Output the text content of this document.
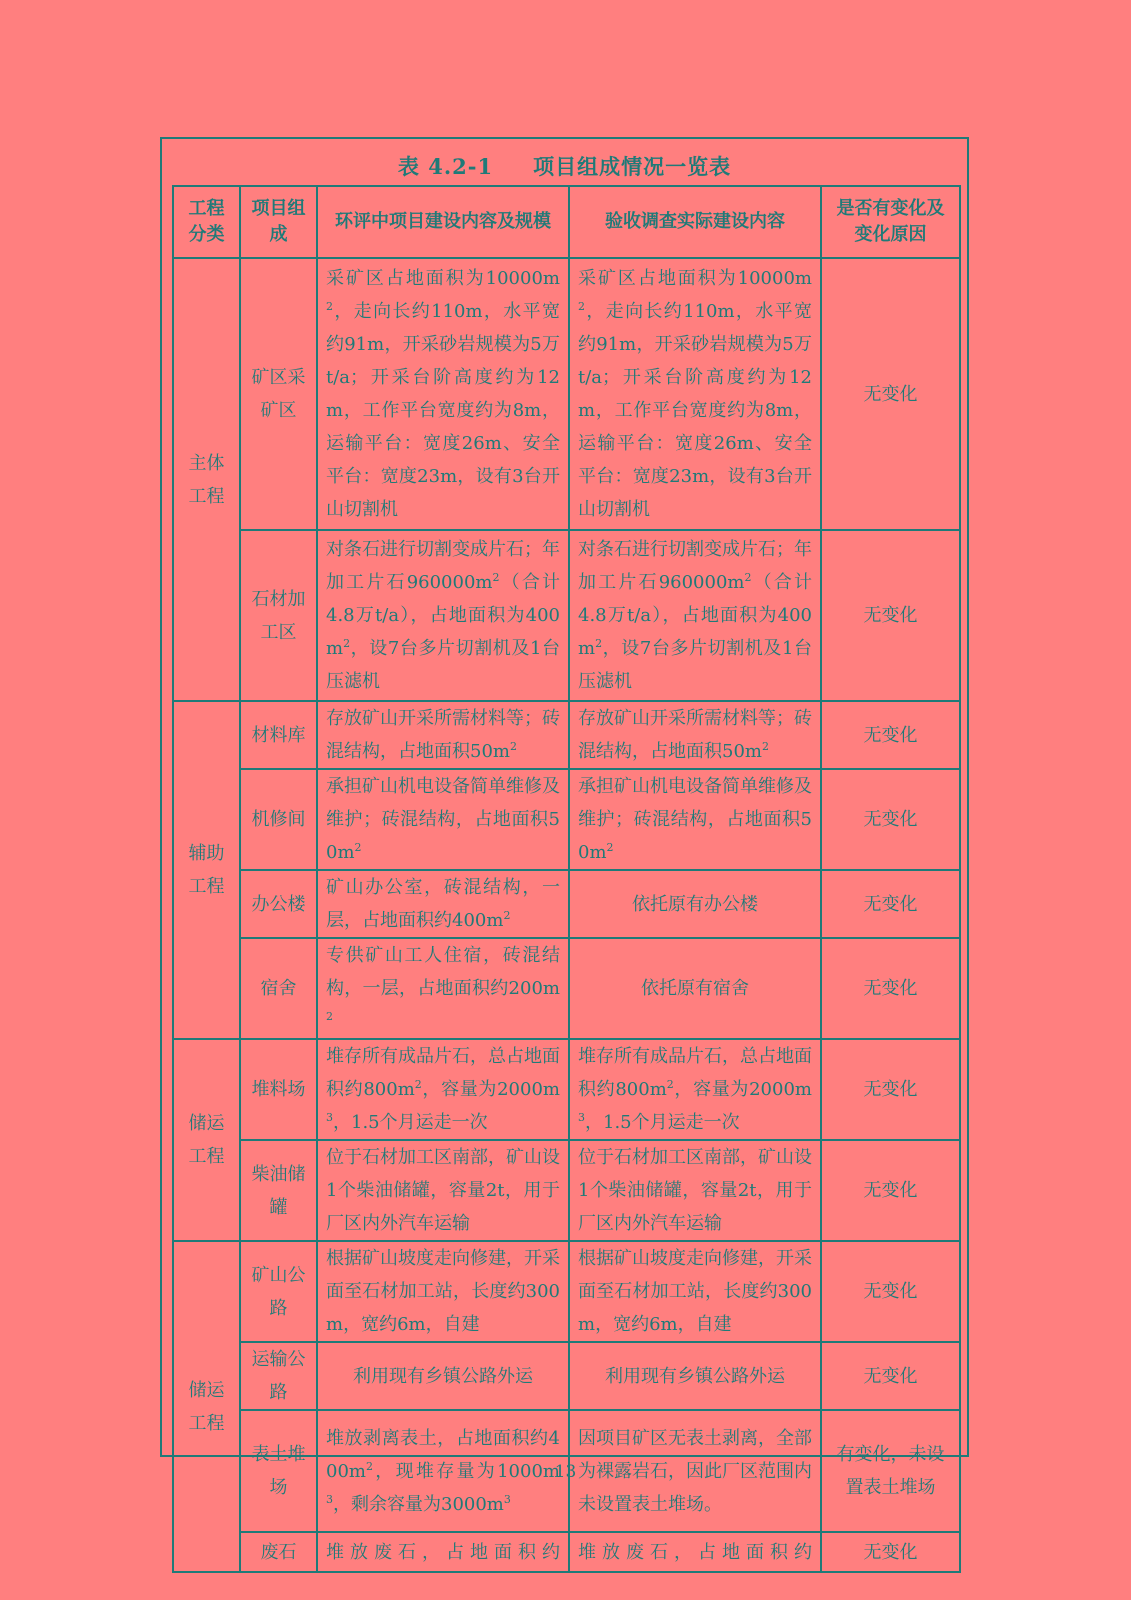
表 4.2-1 项目组成情况一览表
工程分类	项目组成	环评中项目建设内容及规模	验收调查实际建设内容	是否有变化及变化原因
主体工程	矿区采矿区	采矿区占地面积为$10000m^2$，走向长约110m，水平宽约91m，开采砂岩规模为5万t/a；开采台阶高度约为12m，工作平台宽度约为8m，运输平台：宽度26m、安全平台：宽度23m，设有3台开山切割机	采矿区占地面积为$10000m^2$，走向长约110m，水平宽约91m，开采砂岩规模为5万t/a；开采台阶高度约为12m，工作平台宽度约为8m，运输平台：宽度26m、安全平台：宽度23m，设有3台开山切割机	无变化
	石材加工区	对条石进行切割变成片石；年加工片石$960000m^2$（合计4.8万t/a），占地面积为$400m^2$，设7台多片切割机及1台压滤机	对条石进行切割变成片石；年加工片石$960000m^2$（合计4.8万t/a），占地面积为$400m^2$，设7台多片切割机及1台压滤机	无变化
辅助工程	材料库	存放矿山开采所需材料等；砖混结构，占地面积$50m^2$	存放矿山开采所需材料等；砖混结构，占地面积$50m^2$	无变化
	机修间	承担矿山机电设备简单维修及维护；砖混结构，占地面积$50m^2$	承担矿山机电设备简单维修及维护；砖混结构，占地面积$50m^2$	无变化
	办公楼	矿山办公室，砖混结构，一层，占地面积约$400m^2$	依托原有办公楼	无变化
	宿舍	专供矿山工人住宿，砖混结构，一层，占地面积约$200m^2$	依托原有宿舍	无变化
储运工程	堆料场	堆存所有成品片石，总占地面积约$800m^2$，容量为$2000m^3$，1.5个月运走一次	堆存所有成品片石，总占地面积约$800m^2$，容量为$2000m^3$，1.5个月运走一次	无变化
	柴油储罐	位于石材加工区南部，矿山设1个柴油储罐，容量2t，用于厂区内外汽车运输	位于石材加工区南部，矿山设1个柴油储罐，容量2t，用于厂区内外汽车运输	无变化
储运工程	矿山公路	根据矿山坡度走向修建，开采面至石材加工站，长度约300m，宽约6m，自建	根据矿山坡度走向修建，开采面至石材加工站，长度约300m，宽约6m，自建	无变化
	运输公路	利用现有乡镇公路外运	利用现有乡镇公路外运	无变化
	表土堆场	堆放剥离表土，占地面积约$400m^2$，现堆存量为$1000m^3$，剩余容量为$3000m^3$	因项目矿区无表土剥离，全部为裸露岩石，因此厂区范围内未设置表土堆场。	有变化，未设置表土堆场
	废石	堆放废石，占地面积约	堆放废石，占地面积约	无变化
13
